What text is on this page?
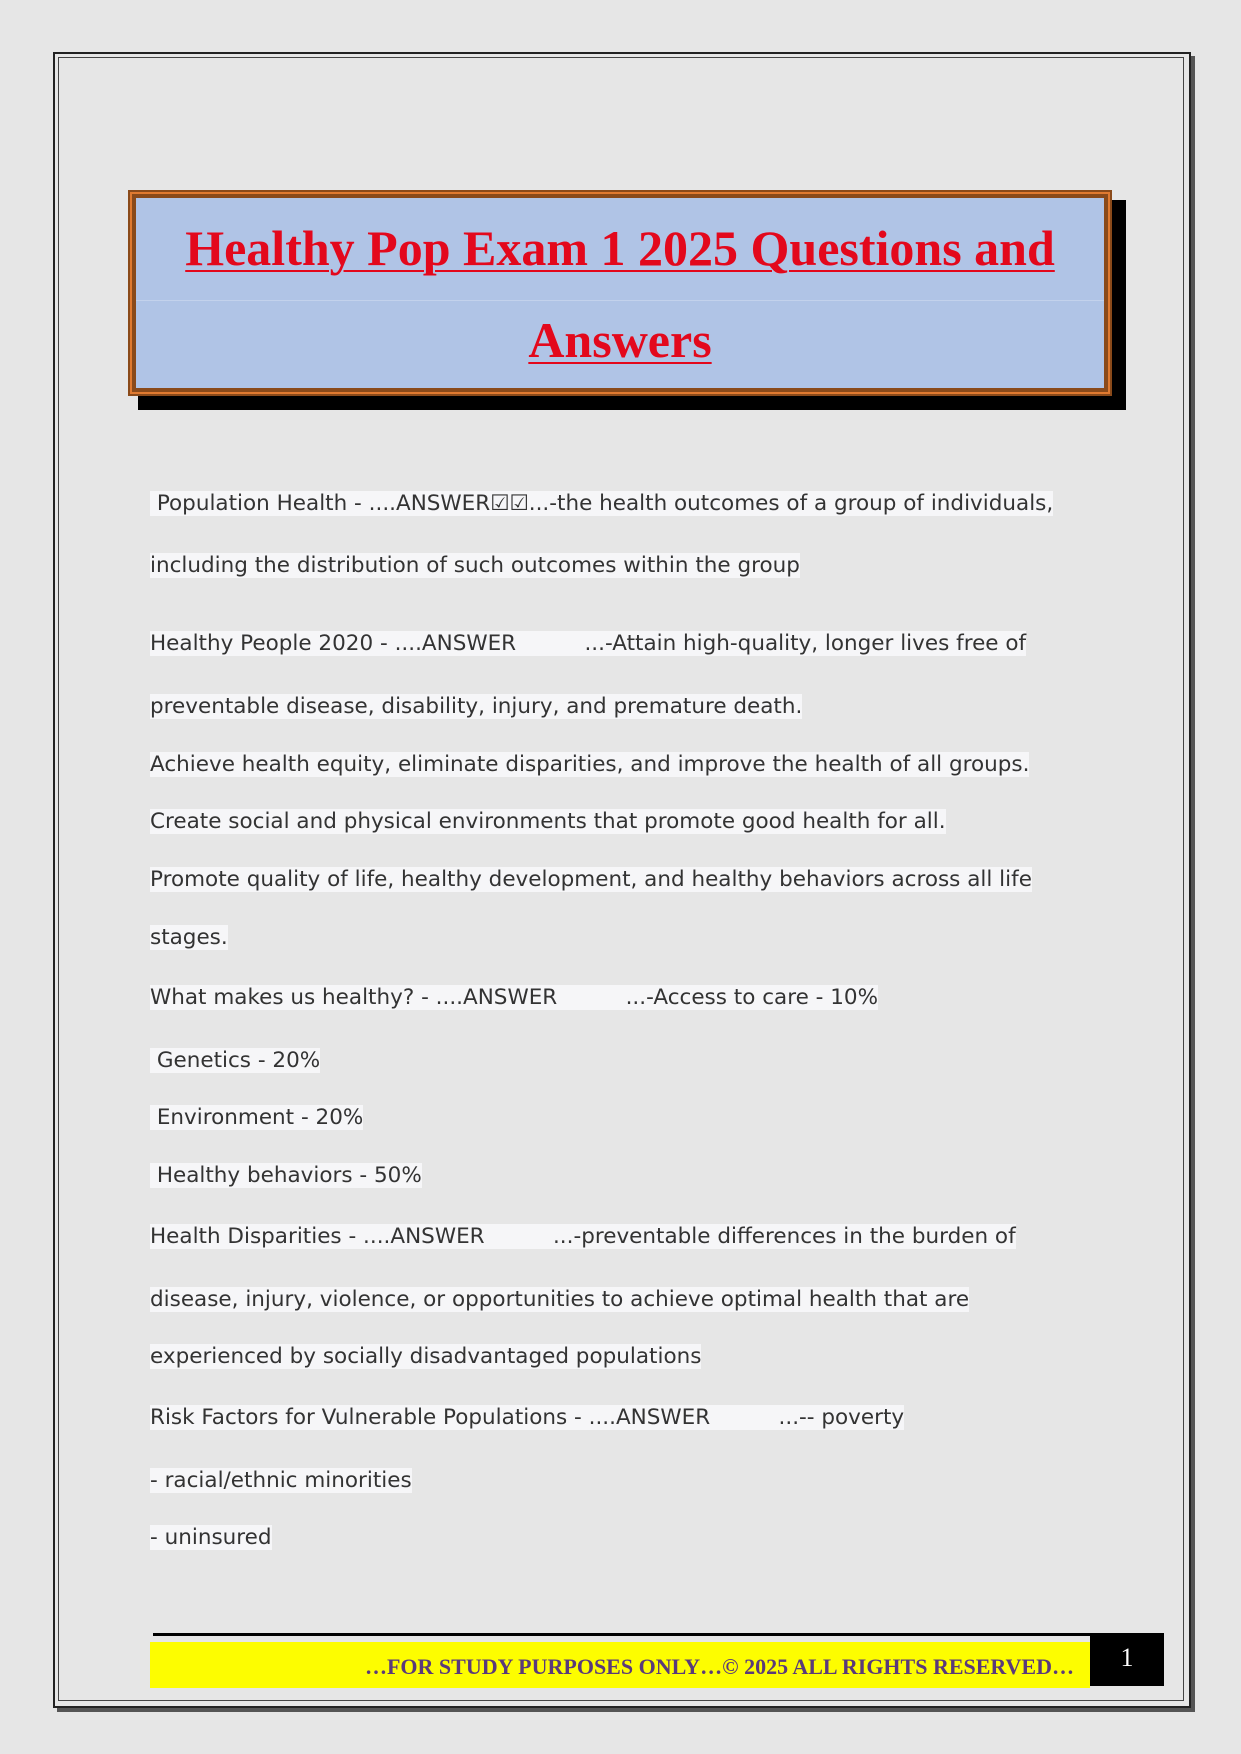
Healthy Pop Exam 1 2025 Questions and
Answers

Population Health - ....ANSWER☑☑...-the health outcomes of a group of individuals,

including the distribution of such outcomes within the group

Healthy People 2020 - ....ANSWER          ...-Attain high-quality, longer lives free of

preventable disease, disability, injury, and premature death.

Achieve health equity, eliminate disparities, and improve the health of all groups.

Create social and physical environments that promote good health for all.

Promote quality of life, healthy development, and healthy behaviors across all life

stages.

What makes us healthy? - ....ANSWER          ...-Access to care - 10%

Genetics - 20%

Environment - 20%

Healthy behaviors - 50%

Health Disparities - ....ANSWER          ...-preventable differences in the burden of

disease, injury, violence, or opportunities to achieve optimal health that are

experienced by socially disadvantaged populations

Risk Factors for Vulnerable Populations - ....ANSWER          ...-- poverty

- racial/ethnic minorities

- uninsured

…FOR STUDY PURPOSES ONLY…© 2025 ALL RIGHTS RESERVED…	1
